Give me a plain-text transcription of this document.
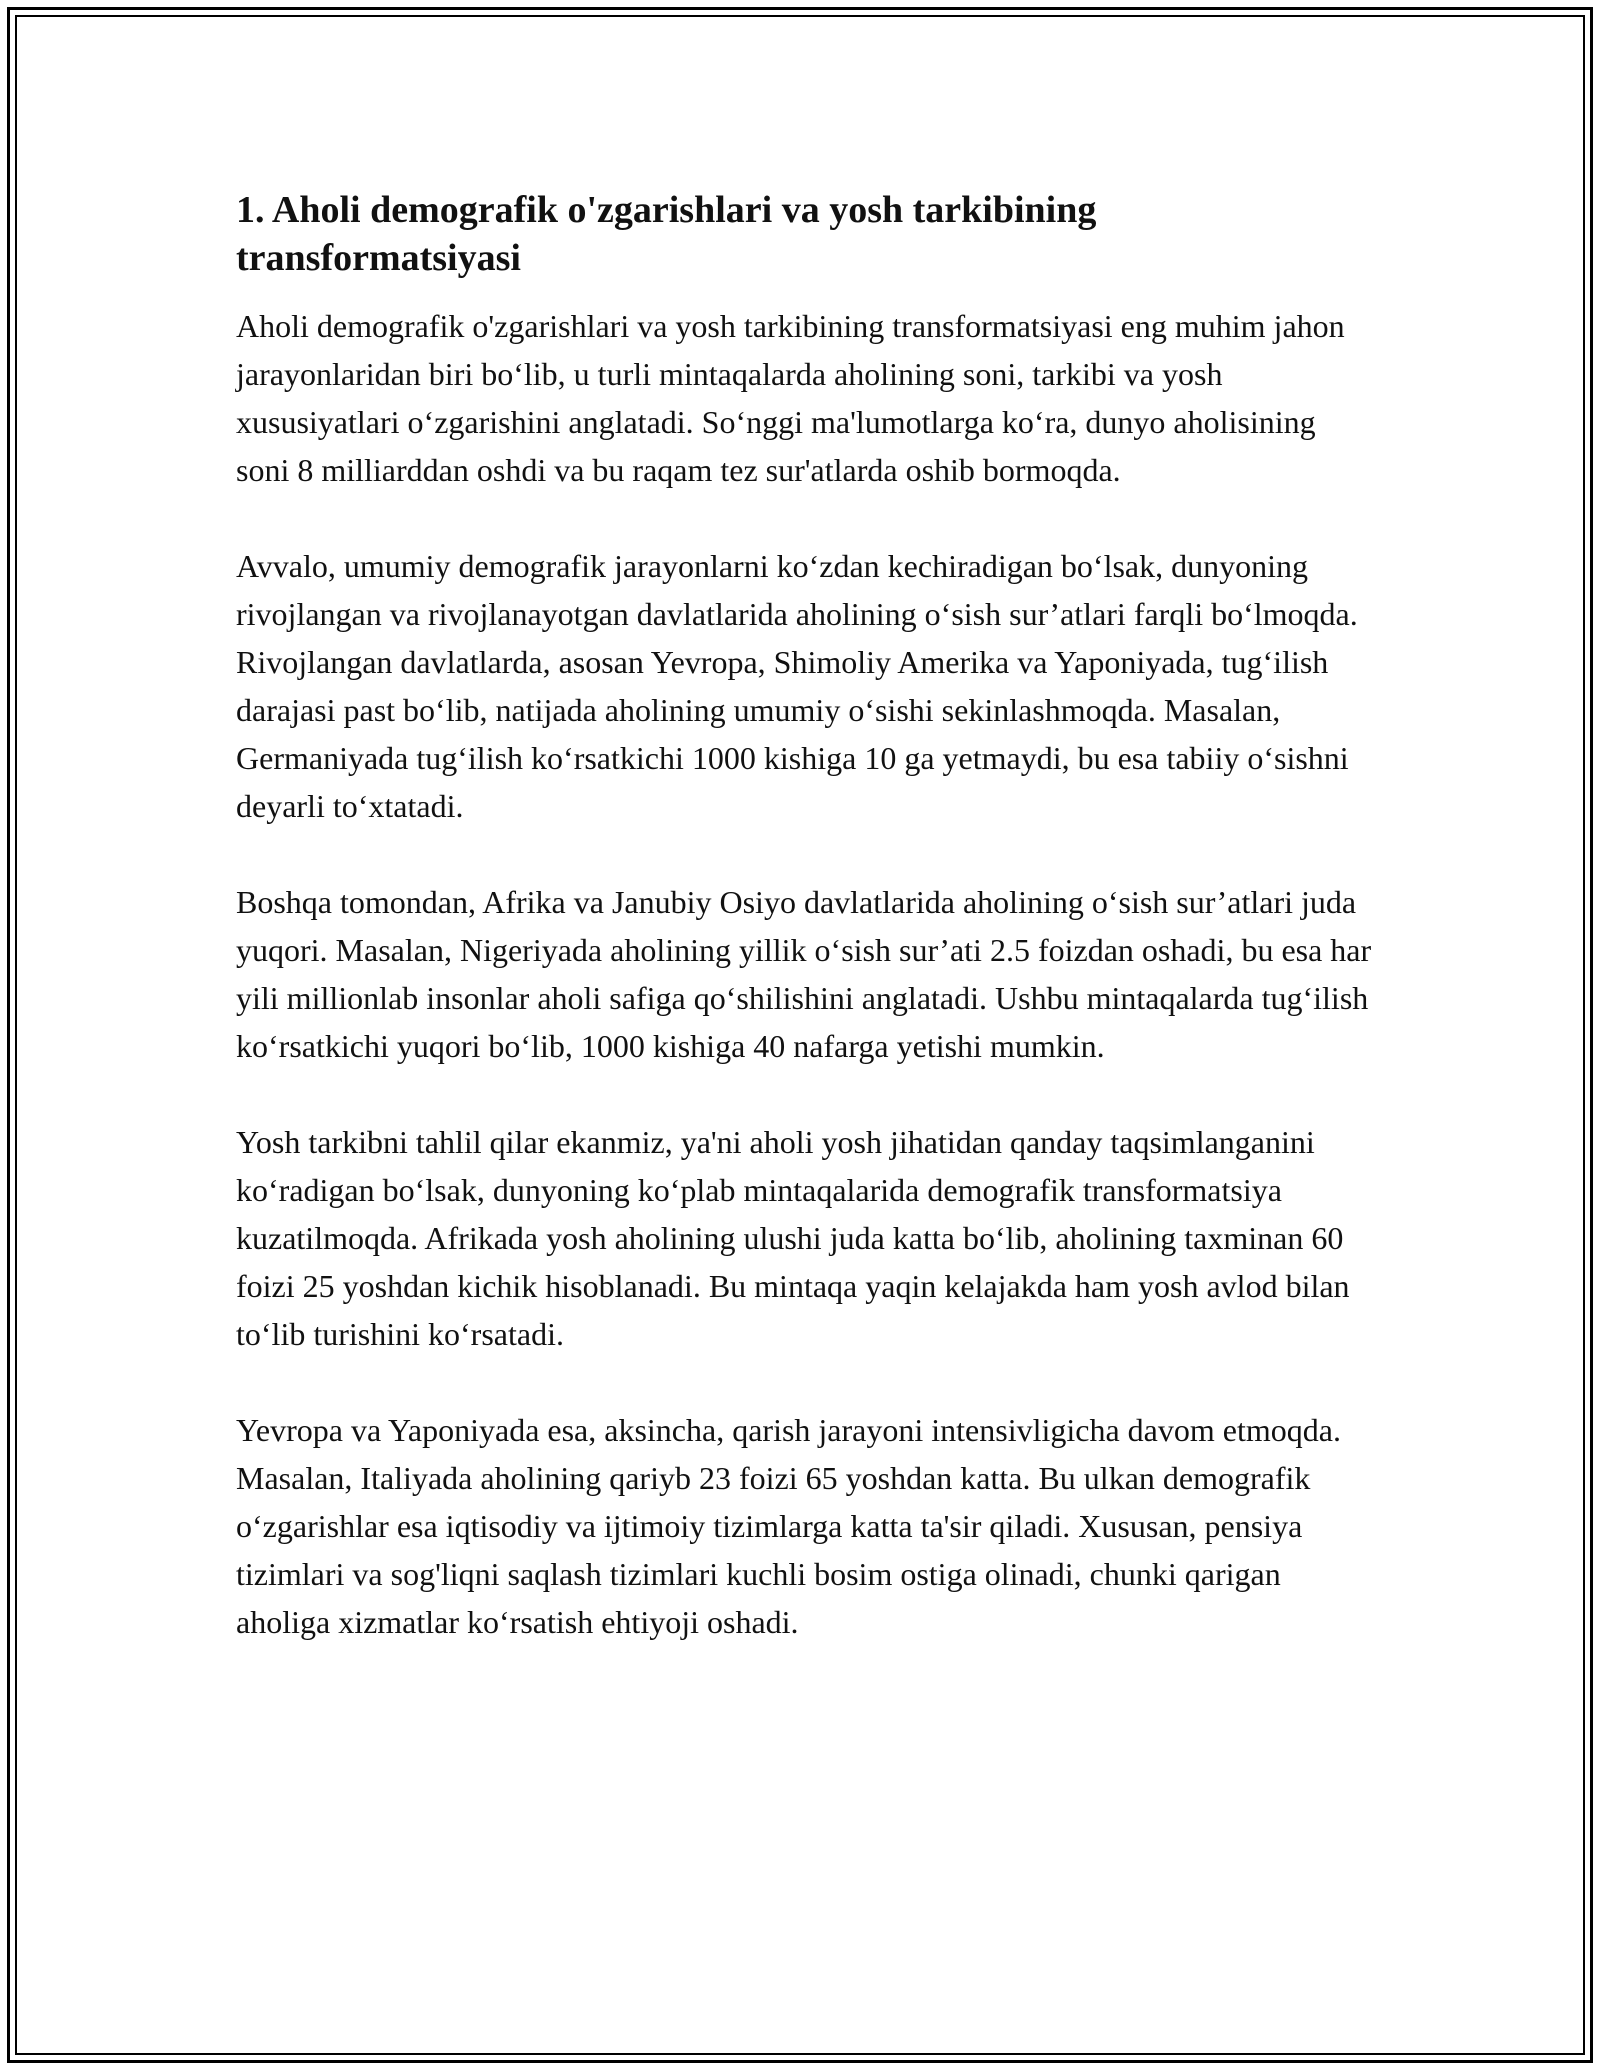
1. Aholi demografik o'zgarishlari va yosh tarkibining transformatsiyasi

Aholi demografik o'zgarishlari va yosh tarkibining transformatsiyasi eng muhim jahon jarayonlaridan biri bo‘lib, u turli mintaqalarda aholining soni, tarkibi va yosh xususiyatlari o‘zgarishini anglatadi. So‘nggi ma'lumotlarga ko‘ra, dunyo aholisining soni 8 milliarddan oshdi va bu raqam tez sur'atlarda oshib bormoqda.

Avvalo, umumiy demografik jarayonlarni ko‘zdan kechiradigan bo‘lsak, dunyoning rivojlangan va rivojlanayotgan davlatlarida aholining o‘sish sur’atlari farqli bo‘lmoqda. Rivojlangan davlatlarda, asosan Yevropa, Shimoliy Amerika va Yaponiyada, tug‘ilish darajasi past bo‘lib, natijada aholining umumiy o‘sishi sekinlashmoqda. Masalan, Germaniyada tug‘ilish ko‘rsatkichi 1000 kishiga 10 ga yetmaydi, bu esa tabiiy o‘sishni deyarli to‘xtatadi.

Boshqa tomondan, Afrika va Janubiy Osiyo davlatlarida aholining o‘sish sur’atlari juda yuqori. Masalan, Nigeriyada aholining yillik o‘sish sur’ati 2.5 foizdan oshadi, bu esa har yili millionlab insonlar aholi safiga qo‘shilishini anglatadi. Ushbu mintaqalarda tug‘ilish ko‘rsatkichi yuqori bo‘lib, 1000 kishiga 40 nafarga yetishi mumkin.

Yosh tarkibni tahlil qilar ekanmiz, ya'ni aholi yosh jihatidan qanday taqsimlanganini ko‘radigan bo‘lsak, dunyoning ko‘plab mintaqalarida demografik transformatsiya kuzatilmoqda. Afrikada yosh aholining ulushi juda katta bo‘lib, aholining taxminan 60 foizi 25 yoshdan kichik hisoblanadi. Bu mintaqa yaqin kelajakda ham yosh avlod bilan to‘lib turishini ko‘rsatadi.

Yevropa va Yaponiyada esa, aksincha, qarish jarayoni intensivligicha davom etmoqda. Masalan, Italiyada aholining qariyb 23 foizi 65 yoshdan katta. Bu ulkan demografik o‘zgarishlar esa iqtisodiy va ijtimoiy tizimlarga katta ta'sir qiladi. Xususan, pensiya tizimlari va sog'liqni saqlash tizimlari kuchli bosim ostiga olinadi, chunki qarigan aholiga xizmatlar ko‘rsatish ehtiyoji oshadi.
